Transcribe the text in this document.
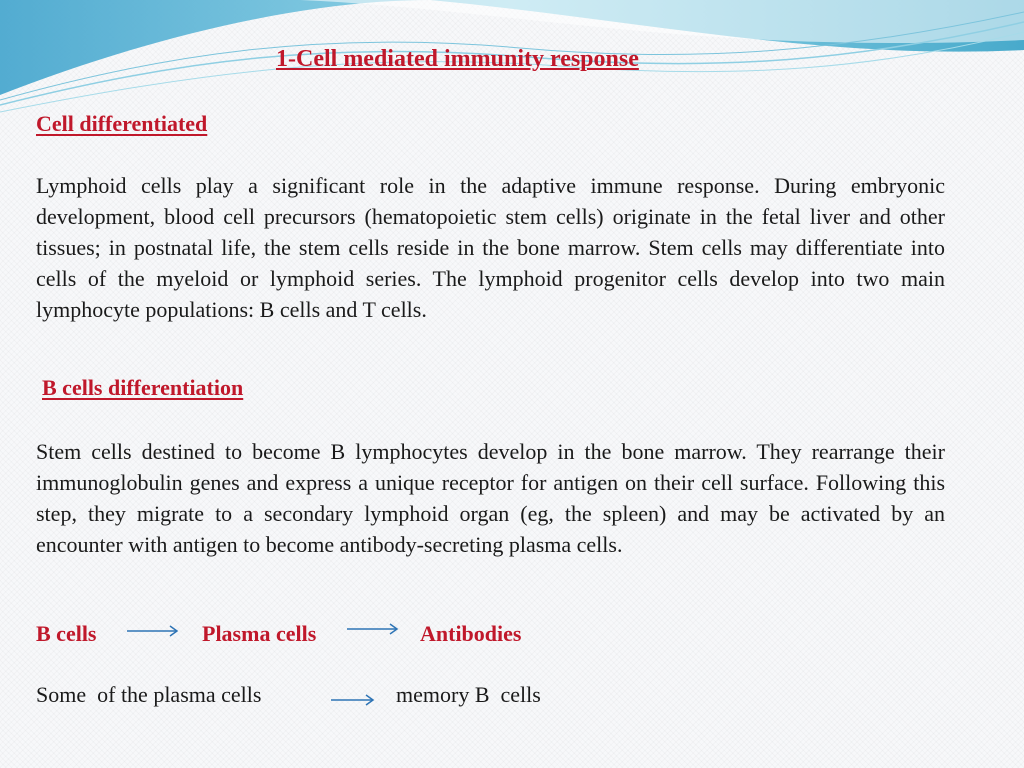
1-Cell mediated immunity response
Cell differentiated

Lymphoid cells play a significant role in the adaptive immune response. During embryonic development, blood cell precursors (hematopoietic stem cells) originate in the fetal liver and other tissues; in postnatal life, the stem cells reside in the bone marrow. Stem cells may differentiate into cells of the myeloid or lymphoid series. The lymphoid progenitor cells develop into two main lymphocyte populations: B cells and T cells.

B cells differentiation

Stem cells destined to become B lymphocytes develop in the bone marrow. They rearrange their immunoglobulin genes and express a unique receptor for antigen on their cell surface. Following this step, they migrate to a secondary lymphoid organ (eg, the spleen) and may be activated by an encounter with antigen to become antibody-secreting plasma cells.

B cells	Plasma cells	Antibodies
Some  of the plasma cells	memory B  cells
